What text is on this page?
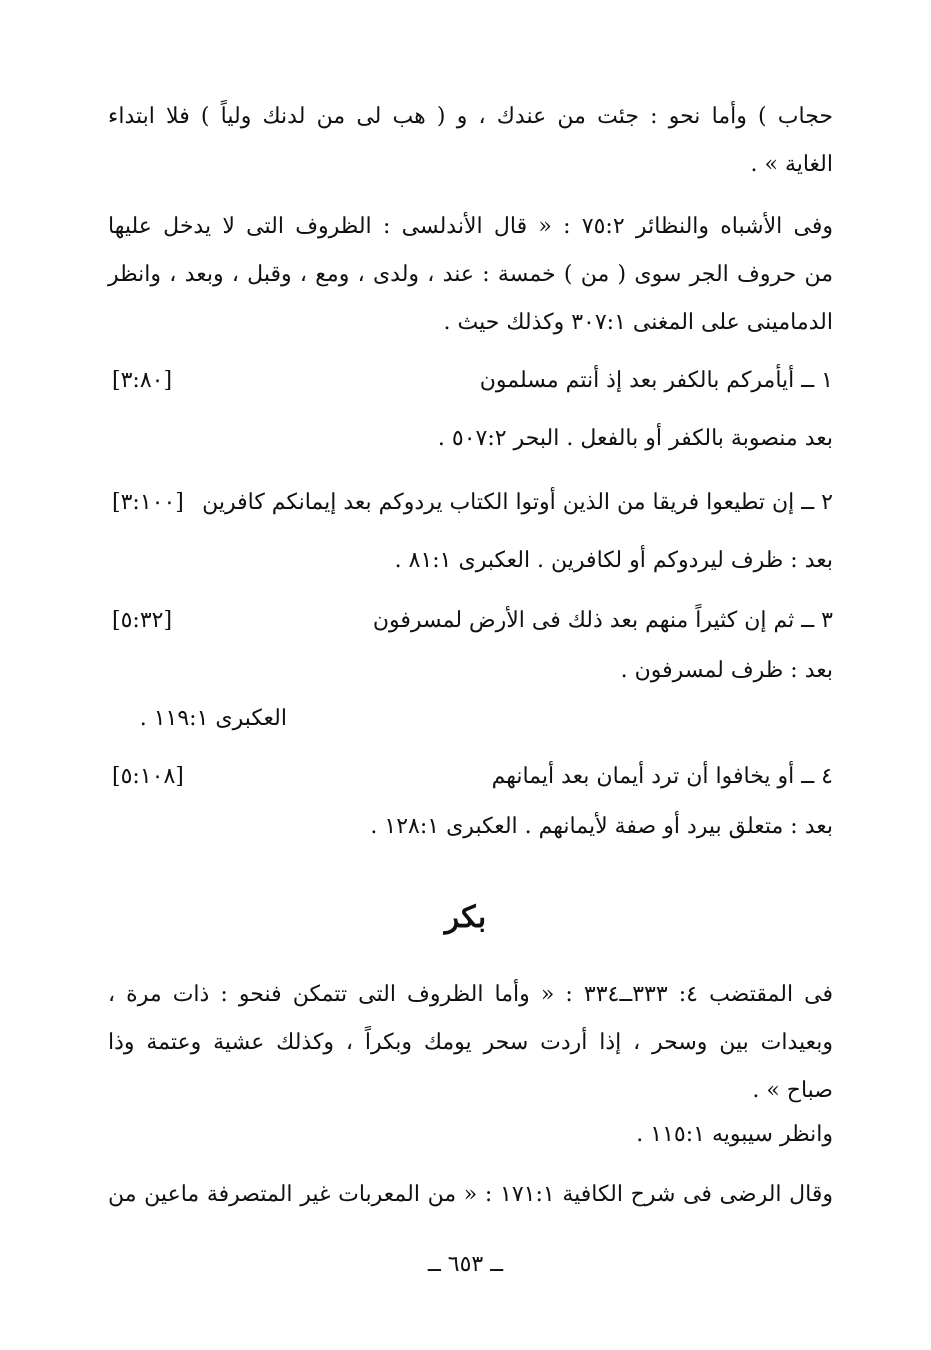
حجاب ) وأما نحو : جئت من عندك ، و ( هب لى من لدنك ولياً ) فلا ابتداء
الغاية » .
وفى الأشباه والنظائر ٧٥:٢ : « قال الأندلسى : الظروف التى لا يدخل عليها
من حروف الجر سوى ( من ) خمسة : عند ، ولدى ، ومع ، وقبل ، وبعد ، وانظر
الدمامينى على المغنى ٣٠٧:١ وكذلك حيث .
١ ــ أيأمركم بالكفر بعد إذ أنتم مسلمون
[٣:٨٠]
بعد منصوبة بالكفر أو بالفعل . البحر ٥٠٧:٢ .
٢ ــ إن تطيعوا فريقا من الذين أوتوا الكتاب يردوكم بعد إيمانكم كافرين
[٣:١٠٠]
بعد : ظرف ليردوكم أو لكافرين . العكبرى ٨١:١ .
٣ ــ ثم إن كثيراً منهم بعد ذلك فى الأرض لمسرفون
[٥:٣٢]
بعد : ظرف لمسرفون .
العكبرى ١١٩:١ .
٤ ــ أو يخافوا أن ترد أيمان بعد أيمانهم
[٥:١٠٨]
بعد : متعلق بيرد أو صفة لأيمانهم . العكبرى ١٢٨:١ .
بكر
فى المقتضب ٤: ٣٣٣ــ٣٣٤ : « وأما الظروف التى تتمكن فنحو : ذات مرة ،
وبعيدات بين وسحر ، إذا أردت سحر يومك وبكراً ، وكذلك عشية وعتمة وذا
صباح » .
وانظر سيبويه ١١٥:١ .
وقال الرضى فى شرح الكافية ١٧١:١ : « من المعربات غير المتصرفة ماعين من
ــ ٦٥٣ ــ
